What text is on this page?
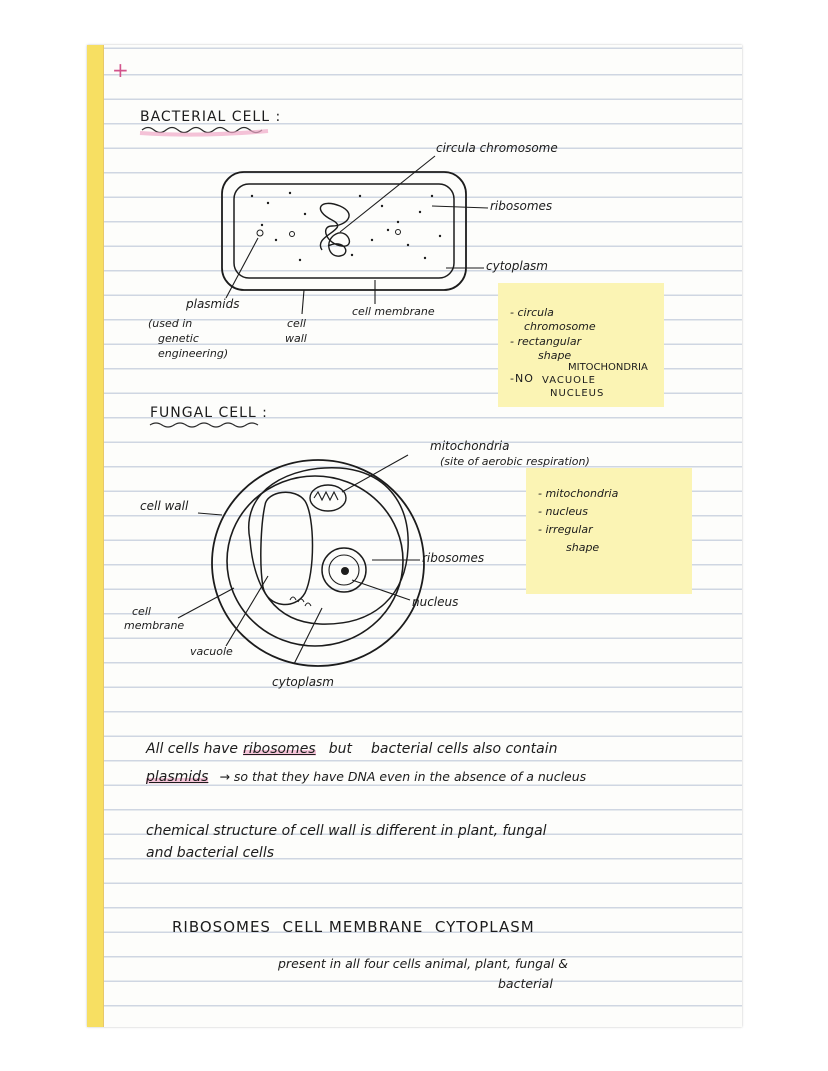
+
BACTERIAL CELL :
circula chromosome
ribosomes
cytoplasm
plasmids
(used in
genetic
engineering)
cell
wall
cell membrane	- circula
chromosome
- rectangular
shape
-NO
MITOCHONDRIA
VACUOLE
NUCLEUS
FUNGAL CELL :
mitochondria
(site of aerobic respiration)
cell wall
ribosomes
nucleus
cell
membrane
vacuole
cytoplasm
- mitochondria
- nucleus
- irregular
shape
All cells have ribosomes but bacterial cells also contain
plasmids → so that they have DNA even in the absence of a nucleus
chemical structure of cell wall is different in plant, fungal
and bacterial cells
RIBOSOMES  CELL MEMBRANE  CYTOPLASM
present in all four cells animal, plant, fungal &
bacterial
